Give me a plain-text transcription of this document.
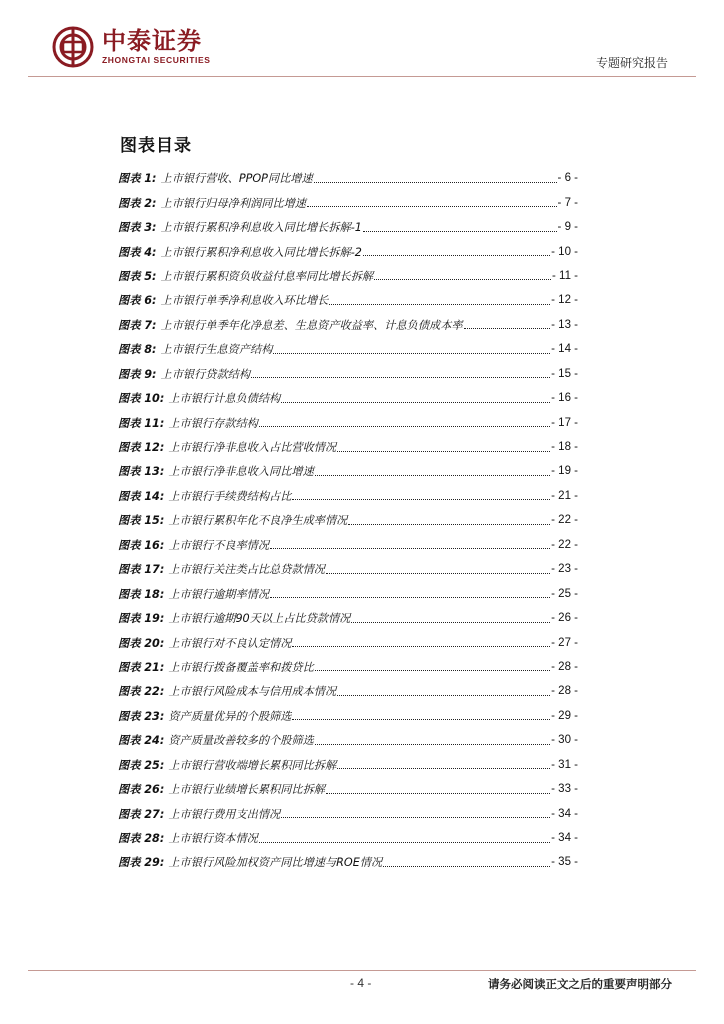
中泰证券
ZHONGTAI SECURITIES	专题研究报告
图表目录
图表 1: 上市银行营收、PPOP同比增速	- 6 -
图表 2: 上市银行归母净利润同比增速	- 7 -
图表 3: 上市银行累积净利息收入同比增长拆解-1	- 9 -
图表 4: 上市银行累积净利息收入同比增长拆解-2	- 10 -
图表 5: 上市银行累积资负收益付息率同比增长拆解	- 11 -
图表 6: 上市银行单季净利息收入环比增长	- 12 -
图表 7: 上市银行单季年化净息差、生息资产收益率、计息负债成本率	- 13 -
图表 8: 上市银行生息资产结构	- 14 -
图表 9: 上市银行贷款结构	- 15 -
图表 10: 上市银行计息负债结构	- 16 -
图表 11: 上市银行存款结构	- 17 -
图表 12: 上市银行净非息收入占比营收情况	- 18 -
图表 13: 上市银行净非息收入同比增速	- 19 -
图表 14: 上市银行手续费结构占比	- 21 -
图表 15: 上市银行累积年化不良净生成率情况	- 22 -
图表 16: 上市银行不良率情况	- 22 -
图表 17: 上市银行关注类占比总贷款情况	- 23 -
图表 18: 上市银行逾期率情况	- 25 -
图表 19: 上市银行逾期90天以上占比贷款情况	- 26 -
图表 20: 上市银行对不良认定情况	- 27 -
图表 21: 上市银行拨备覆盖率和拨贷比	- 28 -
图表 22: 上市银行风险成本与信用成本情况	- 28 -
图表 23: 资产质量优异的个股筛选	- 29 -
图表 24: 资产质量改善较多的个股筛选	- 30 -
图表 25: 上市银行营收端增长累积同比拆解	- 31 -
图表 26: 上市银行业绩增长累积同比拆解	- 33 -
图表 27: 上市银行费用支出情况	- 34 -
图表 28: 上市银行资本情况	- 34 -
图表 29: 上市银行风险加权资产同比增速与ROE情况	- 35 -
- 4 -	请务必阅读正文之后的重要声明部分
